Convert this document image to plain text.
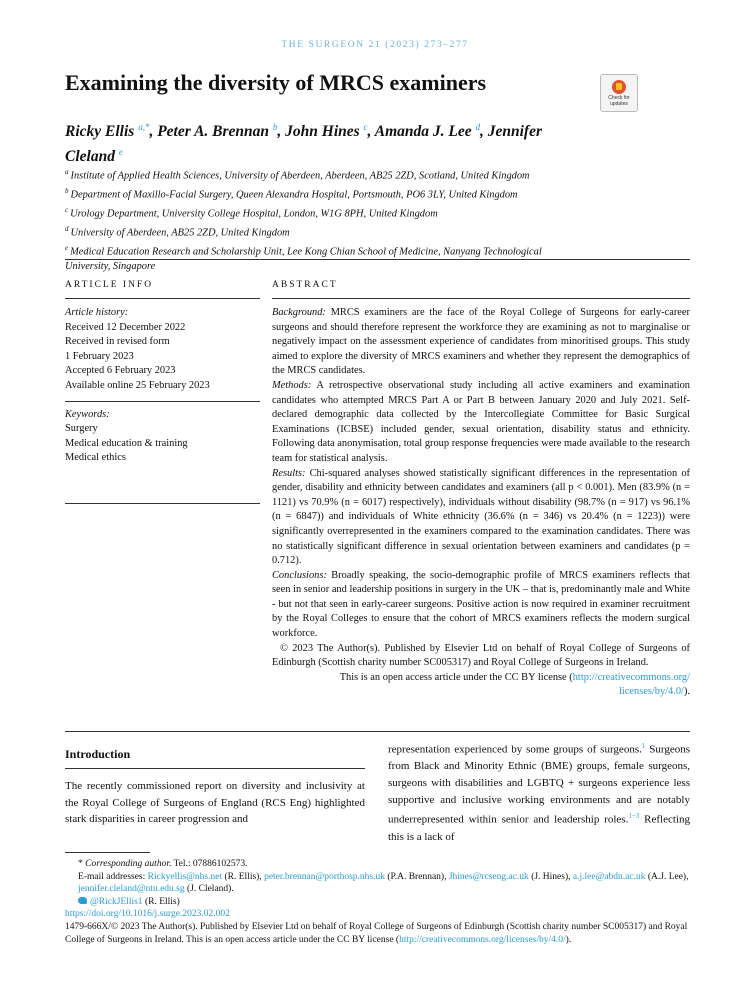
THE SURGEON 21 (2023) 273–277
Examining the diversity of MRCS examiners
Check for
updates
Ricky Ellis $^{a,*}$, Peter A. Brennan $^b$, John Hines $^c$, Amanda J. Lee $^d$, Jennifer Cleland $^e$

$^a$ Institute of Applied Health Sciences, University of Aberdeen, Aberdeen, AB25 2ZD, Scotland, United Kingdom

$^b$ Department of Maxillo-Facial Surgery, Queen Alexandra Hospital, Portsmouth, PO6 3LY, United Kingdom

$^c$ Urology Department, University College Hospital, London, W1G 8PH, United Kingdom

$^d$ University of Aberdeen, AB25 2ZD, United Kingdom

$^e$ Medical Education Research and Scholarship Unit, Lee Kong Chian School of Medicine, Nanyang Technological University, Singapore

ARTICLE INFO	ABSTRACT

Article history:

Received 12 December 2022

Received in revised form

1 February 2023

Accepted 6 February 2023

Available online 25 February 2023

Keywords:

Surgery

Medical education & training

Medical ethics

Background: MRCS examiners are the face of the Royal College of Surgeons for early-career surgeons and should therefore represent the workforce they are examining as not to marginalise or negatively impact on the assessment experience of candidates from minoritised groups. This study aimed to explore the diversity of MRCS examiners and whether they represent the demographics of the MRCS candidates.

Methods: A retrospective observational study including all active examiners and examination candidates who attempted MRCS Part A or Part B between January 2020 and July 2021. Self-declared demographic data collected by the Intercollegiate Committee for Basic Surgical Examinations (ICBSE) included gender, sexual orientation, disability status and ethnicity. Following data anonymisation, total group response frequencies were made available to the research team for statistical analysis.

Results: Chi-squared analyses showed statistically significant differences in the representation of gender, disability and ethnicity between candidates and examiners (all p < 0.001). Men (83.9% (n = 1121) vs 70.9% (n = 6017) respectively), individuals without disability (98.7% (n = 917) vs 96.1% (n = 6847)) and individuals of White ethnicity (36.6% (n = 346) vs 20.4% (n = 1223)) were significantly overrepresented in the examiners compared to the examination candidates. There was no statistically significant difference in sexual orientation between examiners and candidates (p = 0.712).

Conclusions: Broadly speaking, the socio-demographic profile of MRCS examiners reflects that seen in senior and leadership positions in surgery in the UK – that is, predominantly male and White - but not that seen in early-career surgeons. Positive action is now required in examiner recruitment by the Royal Colleges to ensure that the cohort of MRCS examiners reflects the modern surgical workforce.

© 2023 The Author(s). Published by Elsevier Ltd on behalf of Royal College of Surgeons of Edinburgh (Scottish charity number SC005317) and Royal College of Surgeons in Ireland.

This is an open access article under the CC BY license (http://creativecommons.org/
licenses/by/4.0/).

Introduction

The recently commissioned report on diversity and inclusivity at the Royal College of Surgeons of England (RCS Eng) highlighted stark disparities in career progression and

representation experienced by some groups of surgeons.$^1$ Surgeons from Black and Minority Ethnic (BME) groups, female surgeons, surgeons with disabilities and LGBTQ + surgeons experience less supportive and inclusive working environments and are notably underrepresented within senior and leadership roles.$^{1-3}$ Reflecting this is a lack of

* Corresponding author. Tel.: 07886102573.

E-mail addresses: Rickyellis@nhs.net (R. Ellis), peter.brennan@porthosp.nhs.uk (P.A. Brennan), Jhines@rcseng.ac.uk (J. Hines), a.j.lee@abdn.ac.uk (A.J. Lee), jennifer.cleland@ntu.edu.sg (J. Cleland).

@RickJEllis1 (R. Ellis)

https://doi.org/10.1016/j.surge.2023.02.002

1479-666X/© 2023 The Author(s). Published by Elsevier Ltd on behalf of Royal College of Surgeons of Edinburgh (Scottish charity number SC005317) and Royal College of Surgeons in Ireland. This is an open access article under the CC BY license (http://creativecommons.org/licenses/by/4.0/).
